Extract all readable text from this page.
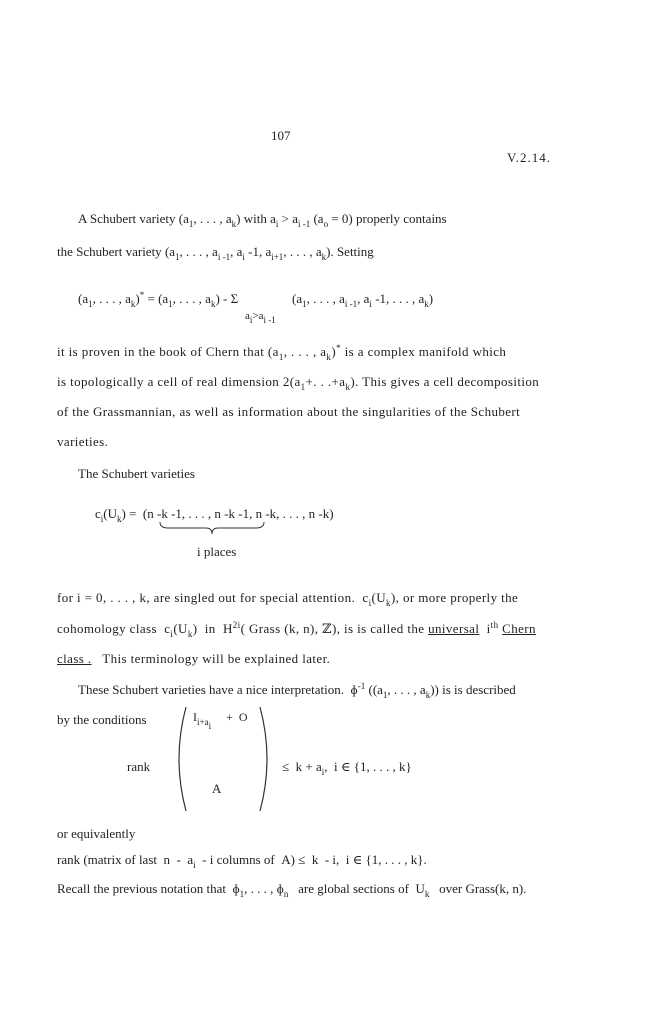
107
V.2.14.
A Schubert variety ($a_1$, . . . , $a_k$) with $a_i > a_{i -1}$ $(a_o = 0)$ properly contains
the Schubert variety ($a_1$, . . . , $a_{i -1}$, $a_i$ -1, $a_{i+1}$, . . . , $a_k$). Setting
($a_1$, . . . , $a_k)^* = (a_1$, . . . , $a_k$) - Σ	($a_1$, . . . , $a_{i -1}$, $a_i$ -1, . . . , $a_k$)
$a_i>a_{i -1}$
it is proven in the book of Chern that ($a_1$, . . . , $a_k)^*$ is a complex manifold which
is topologically a cell of real dimension $2(a_1+$. . $.+a_k$). This gives a cell decomposition
of the Grassmannian, as well as information about the singularities of the Schubert
varieties.
The Schubert varieties
$c_i(U_k) = (n$ -k -1, . . . , n -k -1, n -k, . . . , n -k)
i places
for i = 0, . . . , k, are singled out for special attention.  $c_i(U_k)$, or more properly the
cohomology class  $c_i(U_k)$  in  $H^{2i}$( Grass (k, n), ℤ), is is called the universal  $i^{th}$ Chern
class . This terminology will be explained later.
These Schubert varieties have a nice interpretation.  ɸ$^{-1}$ (($a_1$, . . . , $a_k$)) is is described
by the conditions
rank
$I_{i+a_i}$     +  O
A
≤  $k + a_i$,  i ∈ {1, . . . , k}
or equivalently
rank (matrix of last  n  -  $a_i$  - i columns of  A) ≤  k  - i,  i ∈ {1, . . . , k}.
Recall the previous notation that  ɸ$_1$, . . . , ɸ$_n$ are global sections of  $U_k$ over Grass(k, n).
